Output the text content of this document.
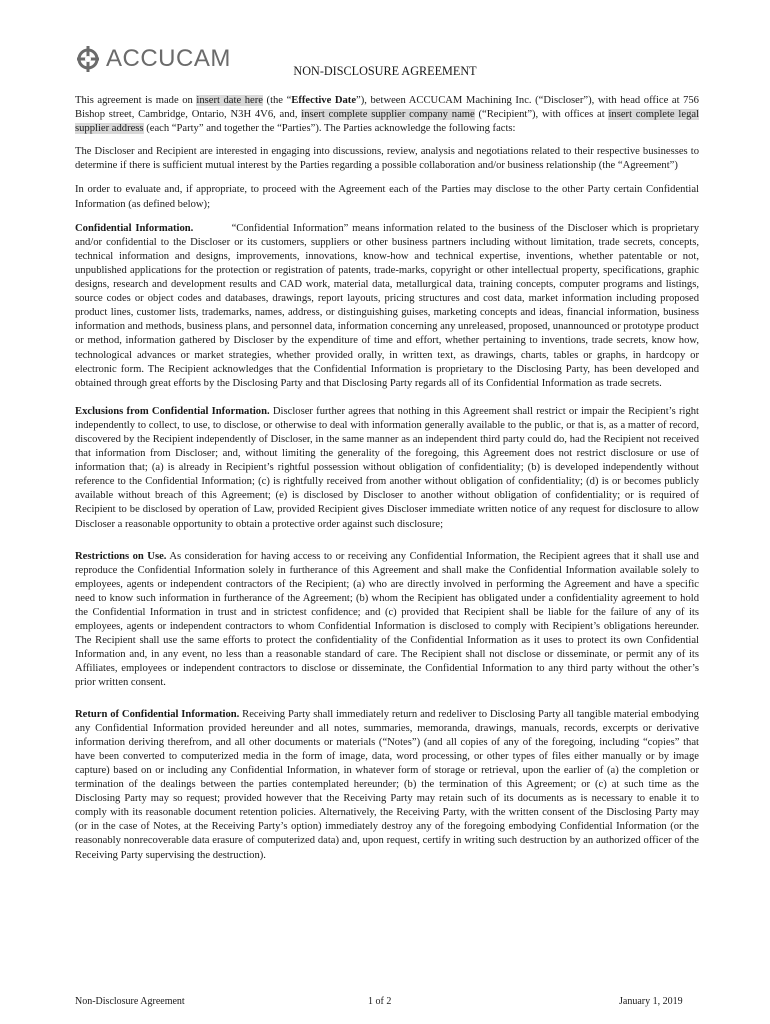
ACCUCAM	NON-DISCLOSURE AGREEMENT

This agreement is made on insert date here (the “Effective Date”), between ACCUCAM Machining Inc. (“Discloser”), with head office at 756 Bishop street, Cambridge, Ontario, N3H 4V6, and, insert complete supplier company name (“Recipient”), with offices at insert complete legal supplier address (each “Party” and together the “Parties”). The Parties acknowledge the following facts:

The Discloser and Recipient are interested in engaging into discussions, review, analysis and negotiations related to their respective businesses to determine if there is sufficient mutual interest by the Parties regarding a possible collaboration and/or business relationship (the “Agreement”)

In order to evaluate and, if appropriate, to proceed with the Agreement each of the Parties may disclose to the other Party certain Confidential Information (as defined below);

Confidential Information.	“Confidential Information” means information related to the business of the Discloser which is proprietary and/or confidential to the Discloser or its customers, suppliers or other business partners including without limitation, trade secrets, concepts, technical information and designs, improvements, innovations, know-how and technical expertise, inventions, whether patentable or not, unpublished applications for the protection or registration of patents, trade-marks, copyright or other intellectual property, specifications, graphic designs, research and development results and CAD work, material data, metallurgical data, training concepts, computer programs and listings, source codes or object codes and databases, drawings, report layouts, pricing structures and cost data, market information including proposed product lines, customer lists, trademarks, names, address, or distinguishing guises, marketing concepts and ideas, financial information, business information and methods, business plans, and personnel data, information concerning any unreleased, proposed, unannounced or prototype product or method, information gathered by Discloser by the expenditure of time and effort, whether pertaining to inventions, trade secrets, know how, technological advances or market strategies, whether provided orally, in written text, as drawings, charts, tables or graphs, in hardcopy or electronic form. The Recipient acknowledges that the Confidential Information is proprietary to the Disclosing Party, has been developed and obtained through great efforts by the Disclosing Party and that Disclosing Party regards all of its Confidential Information as trade secrets.

Exclusions from Confidential Information. Discloser further agrees that nothing in this Agreement shall restrict or impair the Recipient’s right independently to collect, to use, to disclose, or otherwise to deal with information generally available to the public, or that is, as a matter of record, discovered by the Recipient independently of Discloser, in the same manner as an independent third party could do, had the Recipient not received that information from Discloser; and, without limiting the generality of the foregoing, this Agreement does not restrict disclosure or use of information that; (a) is already in Recipient’s rightful possession without obligation of confidentiality; (b) is developed independently without reference to the Confidential Information; (c) is rightfully received from another without obligation of confidentiality; (d) is or becomes publicly available without breach of this Agreement; (e) is disclosed by Discloser to another without obligation of confidentiality; or is required of Recipient to be disclosed by operation of Law, provided Recipient gives Discloser immediate written notice of any request for disclosure to allow Discloser a reasonable opportunity to obtain a protective order against such disclosure;

Restrictions on Use. As consideration for having access to or receiving any Confidential Information, the Recipient agrees that it shall use and reproduce the Confidential Information solely in furtherance of this Agreement and shall make the Confidential Information available solely to employees, agents or independent contractors of the Recipient; (a) who are directly involved in performing the Agreement and have a specific need to know such information in furtherance of the Agreement; (b) whom the Recipient has obligated under a confidentiality agreement to hold the Confidential Information in trust and in strictest confidence; and (c) provided that Recipient shall be liable for the failure of any of its employees, agents or independent contractors to whom Confidential Information is disclosed to comply with Recipient’s obligations hereunder. The Recipient shall use the same efforts to protect the confidentiality of the Confidential Information as it uses to protect its own Confidential Information and, in any event, no less than a reasonable standard of care. The Recipient shall not disclose or disseminate, or permit any of its Affiliates, employees or independent contractors to disclose or disseminate, the Confidential Information to any third party without the other’s prior written consent.

Return of Confidential Information. Receiving Party shall immediately return and redeliver to Disclosing Party all tangible material embodying any Confidential Information provided hereunder and all notes, summaries, memoranda, drawings, manuals, records, excerpts or derivative information deriving therefrom, and all other documents or materials (“Notes”) (and all copies of any of the foregoing, including “copies” that have been converted to computerized media in the form of image, data, word processing, or other types of files either manually or by image capture) based on or including any Confidential Information, in whatever form of storage or retrieval, upon the earlier of (a) the completion or termination of the dealings between the parties contemplated hereunder; (b) the termination of this Agreement; or (c) at such time as the Disclosing Party may so request; provided however that the Receiving Party may retain such of its documents as is necessary to enable it to comply with its reasonable document retention policies. Alternatively, the Receiving Party, with the written consent of the Disclosing Party may (or in the case of Notes, at the Receiving Party’s option) immediately destroy any of the foregoing embodying Confidential Information (or the reasonably nonrecoverable data erasure of computerized data) and, upon request, certify in writing such destruction by an authorized officer of the Receiving Party supervising the destruction).

Non-Disclosure Agreement	1 of 2	January 1, 2019
